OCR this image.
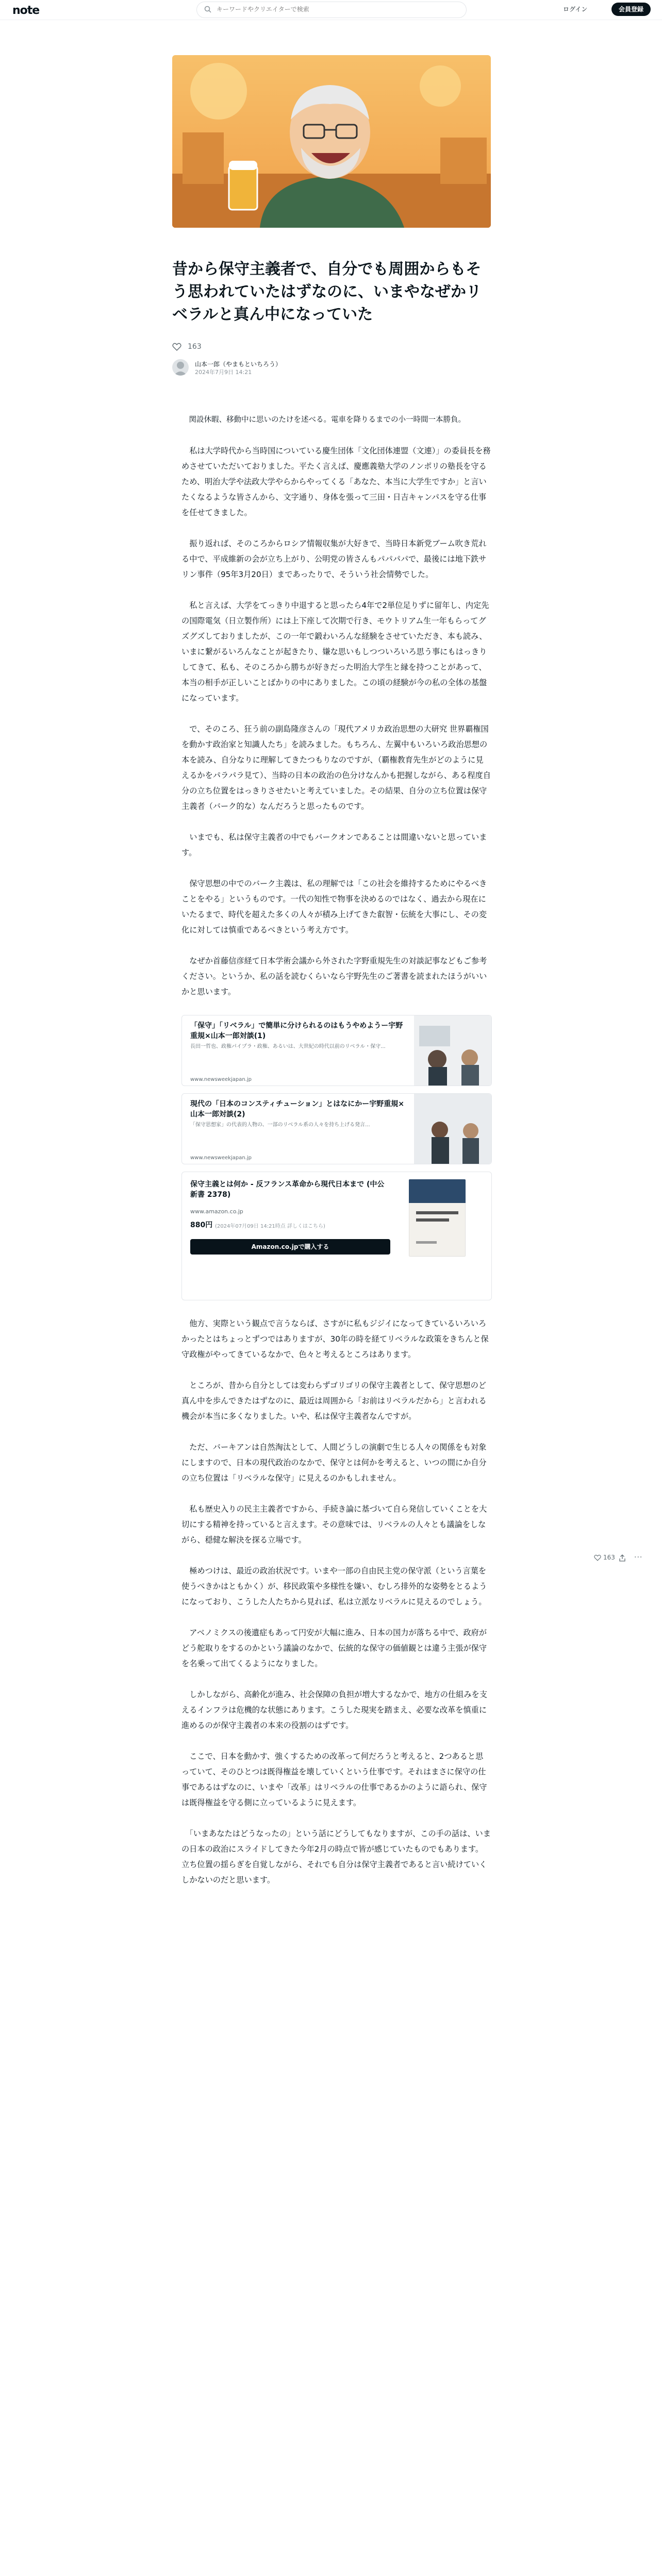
note
キーワードやクリエイターで検索	ログイン	会員登録
昔から保守主義者で、自分でも周囲からもそう思われていたはずなのに、いまやなぜかリベラルと真ん中になっていた
163
山本一郎（やまもといちろう）
2024年7月9日 14:21

　関設休暇、移動中に思いのたけを述べる。電車を降りるまでの小一時間一本勝負。

　私は大学時代から当時国についている慶生団体「文化団体連盟（文連）」の委員長を務めさせていただいておりました。平たく言えば、慶應義塾大学のノンポリの塾長を守るため、明治大学や法政大学やらからやってくる「あなた、本当に大学生ですか」と言いたくなるような皆さんから、文字通り、身体を張って三田・日吉キャンパスを守る仕事を任せてきました。

　振り返れば、そのころからロシア情報収集が大好きで、当時日本新党ブーム吹き荒れる中で、平成維新の会が立ち上がり、公明党の皆さんもパパパパで、最後には地下鉄サリン事件（95年3月20日）まであったりで、そういう社会情勢でした。

　私と言えば、大学をてっきり中退すると思ったら4年で2単位足りずに留年し、内定先の国際電気（日立製作所）には上下座して次期で行き、モウトリアム生一年もらってグズグズしておりましたが、この一年で鍛わいろんな経験をさせていただき、本も読み、いまに繋がるいろんなことが起きたり、嫌な思いもしつついろいろ思う事にもはっきりしてきて、私も、そのころから勝ちが好きだった明治大学生と縁を持つことがあって、本当の相手が正しいことばかりの中にありました。この頃の経験が今の私の全体の基盤になっています。

　で、そのころ、狂う前の副島隆彦さんの「現代アメリカ政治思想の大研究 世界覇権国を動かす政治家と知識人たち」を読みました。もちろん、左翼中もいろいろ政治思想の本を読み、自分なりに理解してきたつもりなのですが、（覇権教育先生がどのように見えるかをパラパラ見て）、当時の日本の政治の色分けなんかも把握しながら、ある程度自分の立ち位置をはっきりさせたいと考えていました。その結果、自分の立ち位置は保守主義者（バーク的な）なんだろうと思ったものです。

　いまでも、私は保守主義者の中でもバークオンであることは間違いないと思っています。

　保守思想の中でのバーク主義は、私の理解では「この社会を維持するためにやるべきことをやる」というものです。一代の知性で物事を決めるのではなく、過去から現在にいたるまで、時代を超えた多くの人々が積み上げてきた叡智・伝統を大事にし、その変化に対しては慎重であるべきという考え方です。

　なぜか首藤信彦経て日本学術会議から外された字野重規先生の対談記事などもご参考ください。というか、私の話を読むくらいなら宇野先生のご著書を読まれたほうがいいかと思います。

「保守」「リベラル」で簡単に分けられるのはもうやめようー宇野重規×山本一郎対談(1)
長田一哲也、政権パイプラ・政権、あるいは、大世紀の時代以前のリベラル・保守...
www.newsweekjapan.jp
現代の「日本のコンスティチューション」とはなにかー宇野重規×山本一郎対談(2)
「保守思想家」の代表的人物の、一部のリベラル系の人々を持ち上げる発言...
www.newsweekjapan.jp
保守主義とは何か - 反フランス革命から現代日本まで (中公新書 2378)
www.amazon.co.jp
880円 (2024年07月09日 14:21時点 詳しくはこちら)
Amazon.co.jpで購入する

　他方、実際という観点で言うならば、さすがに私もジジイになってきているいろいろかったとはちょっとずつではありますが、30年の時を経てリベラルな政策をきちんと保守政権がやってきているなかで、色々と考えるところはあります。

　ところが、昔から自分としては変わらずゴリゴリの保守主義者として、保守思想のど真ん中を歩んできたはずなのに、最近は周囲から「お前はリベラルだから」と言われる機会が本当に多くなりました。いや、私は保守主義者なんですが。

　ただ、バーキアンは自然淘汰として、人間どうしの演劇で生じる人々の関係をも対象にしますので、日本の現代政治のなかで、保守とは何かを考えると、いつの間にか自分の立ち位置は「リベラルな保守」に見えるのかもしれません。

　私も歴史入りの民主主義者ですから、手続き論に基づいて自ら発信していくことを大切にする精神を持っていると言えます。その意味では、リベラルの人々とも議論をしながら、穏健な解決を探る立場です。

　極めつけは、最近の政治状況です。いまや一部の自由民主党の保守派（という言葉を使うべきかはともかく）が、移民政策や多様性を嫌い、むしろ排外的な姿勢をとるようになっており、こうした人たちから見れば、私は立派なリベラルに見えるのでしょう。

　アベノミクスの後遺症もあって円安が大幅に進み、日本の国力が落ちる中で、政府がどう舵取りをするのかという議論のなかで、伝統的な保守の価値観とは違う主張が保守を名乗って出てくるようになりました。

　しかしながら、高齢化が進み、社会保障の負担が増大するなかで、地方の仕組みを支えるインフラは危機的な状態にあります。こうした現実を踏まえ、必要な改革を慎重に進めるのが保守主義者の本来の役割のはずです。

　ここで、日本を動かす、強くするための改革って何だろうと考えると、2つあると思っていて、そのひとつは既得権益を壊していくという仕事です。それはまさに保守の仕事であるはずなのに、いまや「改革」はリベラルの仕事であるかのように語られ、保守は既得権益を守る側に立っているように見えます。

　「いまあなたはどうなったの」という話にどうしてもなりますが、この手の話は、いまの日本の政治にスライドしてきた今年2月の時点で皆が感じていたものでもあります。立ち位置の揺らぎを自覚しながら、それでも自分は保守主義者であると言い続けていくしかないのだと思います。

163	···
